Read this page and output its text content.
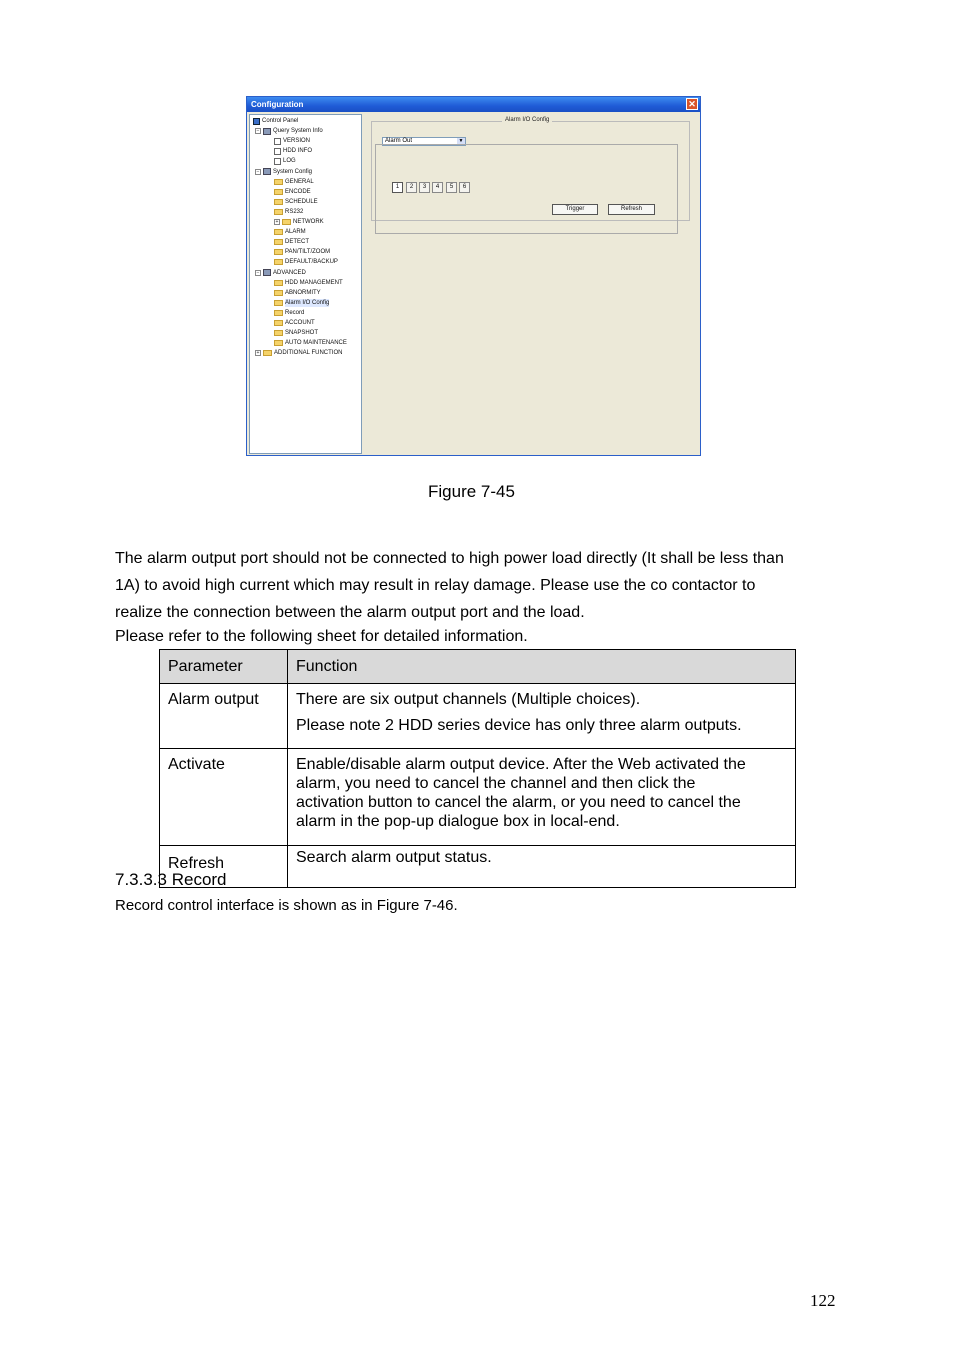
Configuration	✕
Control Panel
− Query System Info
VERSION
HDD INFO
LOG
− System Config
GENERAL
ENCODE
SCHEDULE
RS232
+ NETWORK
ALARM
DETECT
PAN/TILT/ZOOM
DEFAULT/BACKUP
− ADVANCED
HDD MANAGEMENT
ABNORMITY
Alarm I/O Config
Record
ACCOUNT
SNAPSHOT
AUTO MAINTENANCE
+ ADDITIONAL FUNCTION
Alarm I/O Config
Alarm Out	▼
1	2	3	4	5	6
Trigger	Refresh
Figure 7-45
The alarm output port should not be connected to high power load directly (It shall be less than
1A) to avoid high current which may result in relay damage. Please use the co contactor to
realize the connection between the alarm output port and the load.
Please refer to the following sheet for detailed information.
Parameter	Function
Alarm output	There are six output channels (Multiple choices).
Please note 2 HDD series device has only three alarm outputs.

Activate	Enable/disable alarm output device. After the Web activated the
alarm, you need to cancel the channel and then click the
activation button to cancel the alarm, or you need to cancel the
alarm in the pop-up dialogue box in local-end.

Refresh	Search alarm output status.
7.3.3.3 Record
Record control interface is shown as in Figure 7-46.
122
